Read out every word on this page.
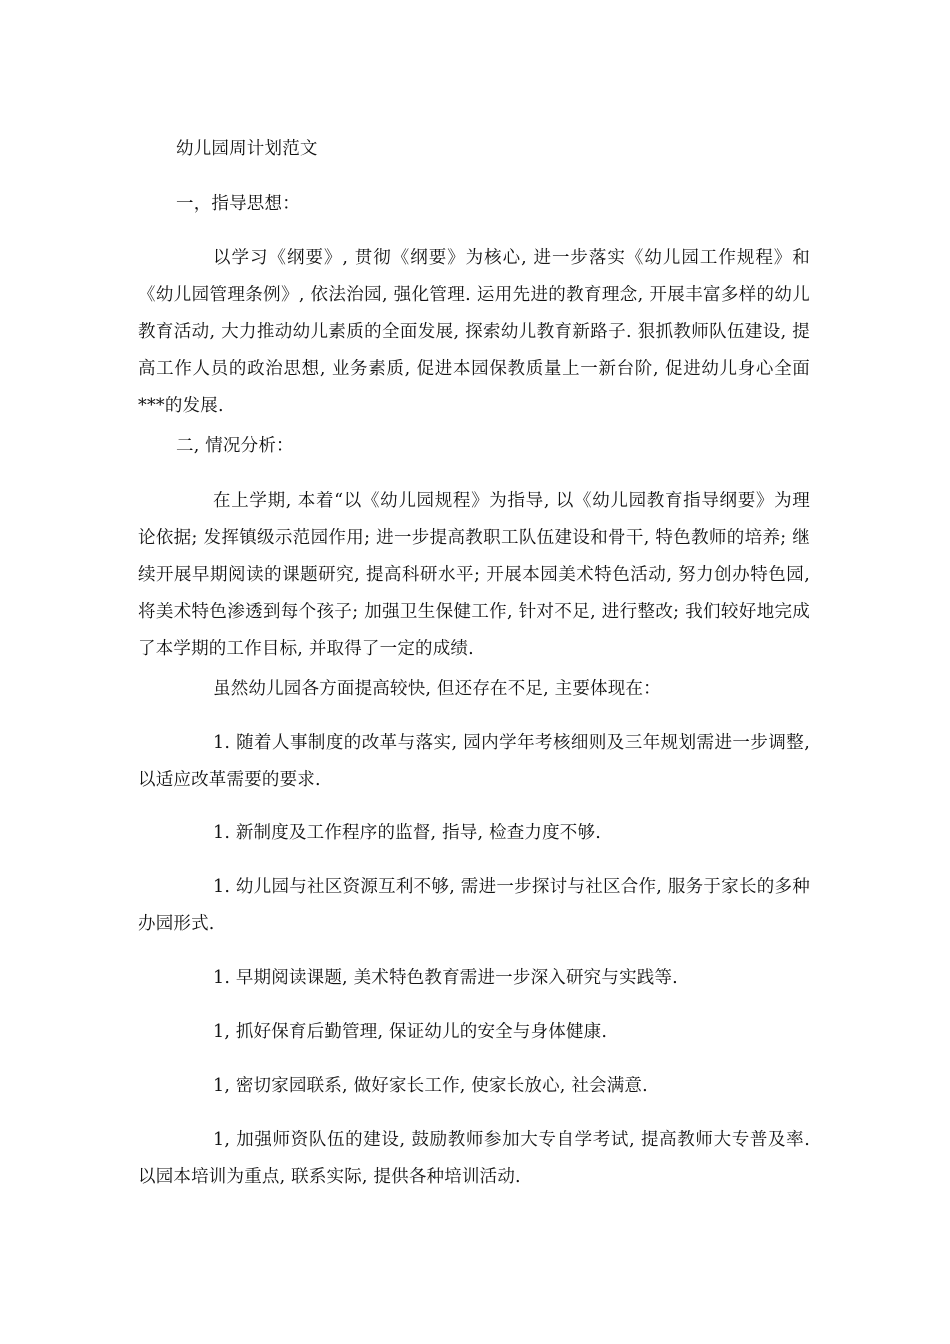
幼儿园周计划范文

一，指导思想：

以学习《纲要》, 贯彻《纲要》为核心, 进一步落实《幼儿园工作规程》和《幼儿园管理条例》, 依法治园, 强化管理. 运用先进的教育理念, 开展丰富多样的幼儿教育活动, 大力推动幼儿素质的全面发展, 探索幼儿教育新路子. 狠抓教师队伍建设, 提高工作人员的政治思想, 业务素质, 促进本园保教质量上一新台阶, 促进幼儿身心全面***的发展.

二, 情况分析：

在上学期, 本着“以《幼儿园规程》为指导, 以《幼儿园教育指导纲要》为理论依据; 发挥镇级示范园作用; 进一步提高教职工队伍建设和骨干, 特色教师的培养; 继续开展早期阅读的课题研究, 提高科研水平; 开展本园美术特色活动, 努力创办特色园, 将美术特色渗透到每个孩子; 加强卫生保健工作, 针对不足, 进行整改; 我们较好地完成了本学期的工作目标, 并取得了一定的成绩.

虽然幼儿园各方面提高较快, 但还存在不足, 主要体现在：

1. 随着人事制度的改革与落实, 园内学年考核细则及三年规划需进一步调整, 以适应改革需要的要求.

1. 新制度及工作程序的监督, 指导, 检查力度不够.

1. 幼儿园与社区资源互利不够, 需进一步探讨与社区合作, 服务于家长的多种办园形式.

1. 早期阅读课题, 美术特色教育需进一步深入研究与实践等.

1, 抓好保育后勤管理, 保证幼儿的安全与身体健康.

1, 密切家园联系, 做好家长工作, 使家长放心, 社会满意.

1, 加强师资队伍的建设, 鼓励教师参加大专自学考试, 提高教师大专普及率. 以园本培训为重点, 联系实际, 提供各种培训活动.
